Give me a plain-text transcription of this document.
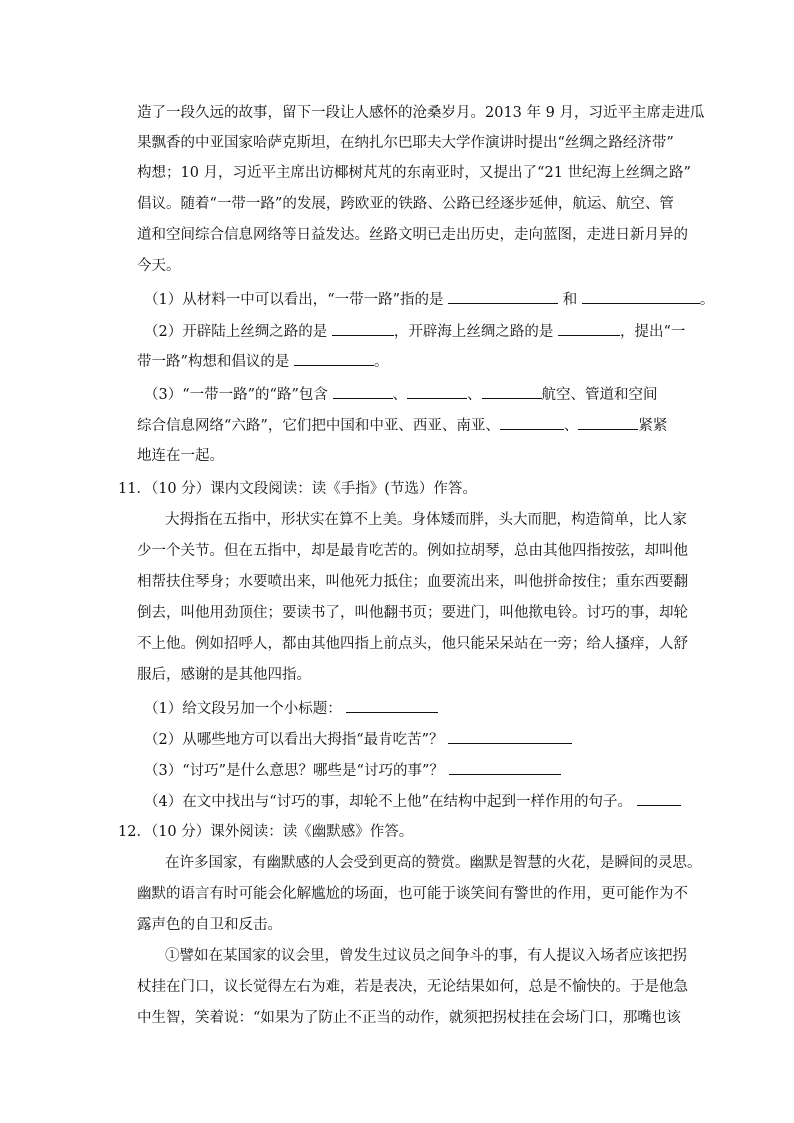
造了一段久远的故事，留下一段让人感怀的沧桑岁月。2013 年 9 月，习近平主席走进瓜
果飘香的中亚国家哈萨克斯坦，在纳扎尔巴耶夫大学作演讲时提出“丝绸之路经济带”
构想；10 月，习近平主席出访椰树芃芃的东南亚时，又提出了“21 世纪海上丝绸之路”
倡议。随着“一带一路”的发展，跨欧亚的铁路、公路已经逐步延伸，航运、航空、管
道和空间综合信息网络等日益发达。丝路文明已走出历史，走向蓝图，走进日新月异的
今天。
（1）从材料一中可以看出，“一带一路”指的是	和	。
（2）开辟陆上丝绸之路的是	，开辟海上丝绸之路的是	，提出“一
带一路”构想和倡议的是	。
（3）“一带一路”的“路”包含	、	、	航空、管道和空间
综合信息网络“六路”，它们把中国和中亚、西亚、南亚、	、	紧紧
地连在一起。
11．（10 分）课内文段阅读：读《手指》(节选）作答。
大拇指在五指中，形状实在算不上美。身体矮而胖，头大而肥，构造简单，比人家
少一个关节。但在五指中，却是最肯吃苦的。例如拉胡琴，总由其他四指按弦，却叫他
相帮扶住琴身；水要喷出来，叫他死力抵住；血要流出来，叫他拼命按住；重东西要翻
倒去，叫他用劲顶住；要读书了，叫他翻书页；要进门，叫他揿电铃。讨巧的事，却轮
不上他。例如招呼人，都由其他四指上前点头，他只能呆呆站在一旁；给人搔痒，人舒
服后，感谢的是其他四指。
（1）给文段另加一个小标题：
（2）从哪些地方可以看出大拇指“最肯吃苦”？
（3）“讨巧”是什么意思？哪些是“讨巧的事”？
（4）在文中找出与“讨巧的事，却轮不上他”在结构中起到一样作用的句子。
12．（10 分）课外阅读：读《幽默感》作答。
在许多国家，有幽默感的人会受到更高的赞赏。幽默是智慧的火花，是瞬间的灵思。
幽默的语言有时可能会化解尴尬的场面，也可能于谈笑间有警世的作用，更可能作为不
露声色的自卫和反击。
①譬如在某国家的议会里，曾发生过议员之间争斗的事，有人提议入场者应该把拐
杖挂在门口，议长觉得左右为难，若是表决，无论结果如何，总是不愉快的。于是他急
中生智，笑着说：“如果为了防止不正当的动作，就须把拐杖挂在会场门口，那嘴也该
